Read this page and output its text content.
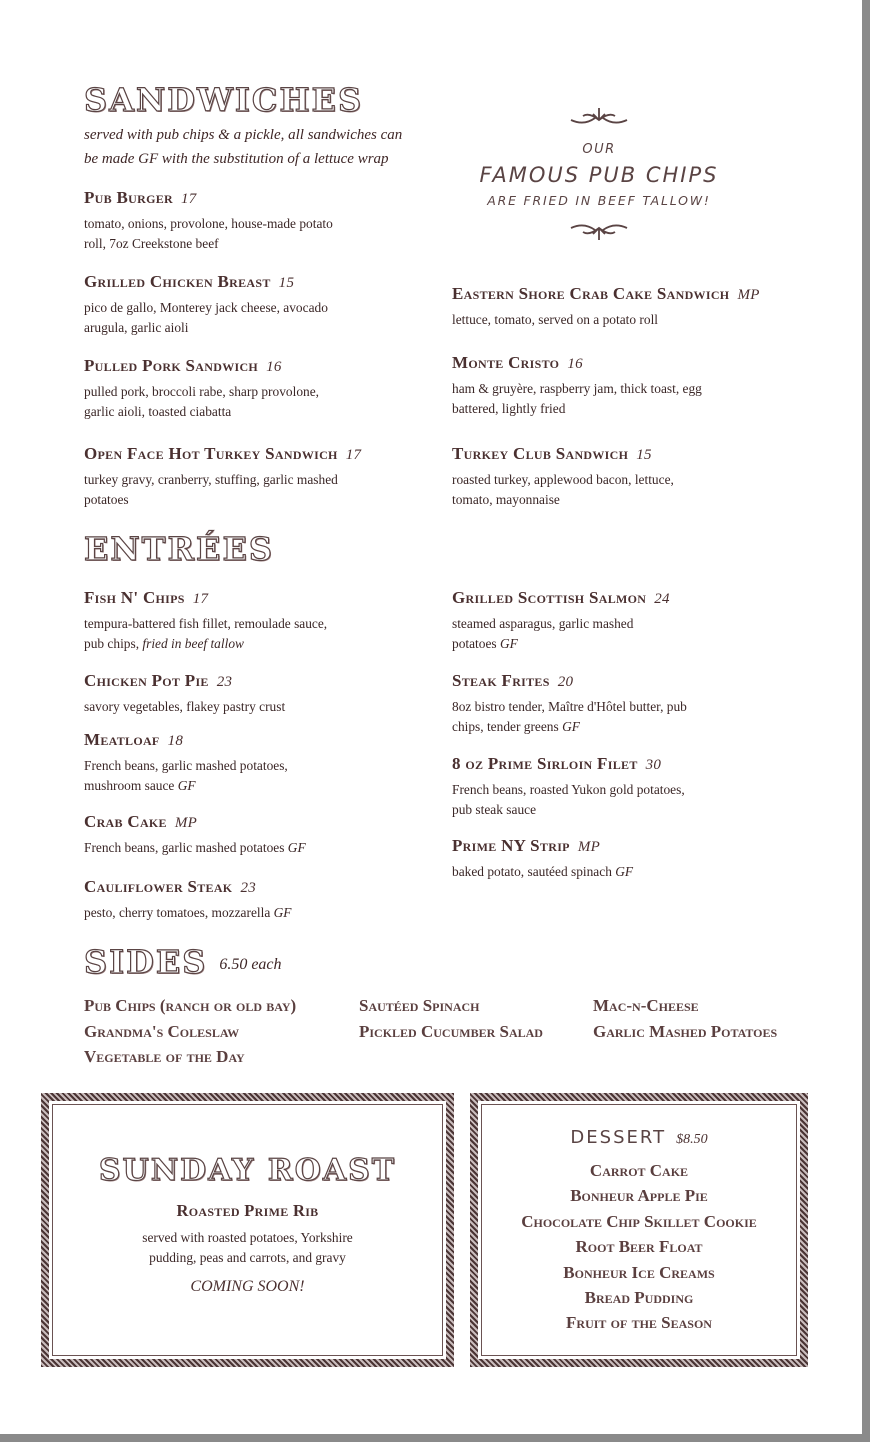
SANDWICHES
served with pub chips & a pickle, all sandwiches can
be made GF with the substitution of a lettuce wrap
Pub Burger 17
tomato, onions, provolone, house-made potato
roll, 7oz Creekstone beef
Grilled Chicken Breast 15
pico de gallo, Monterey jack cheese, avocado
arugula, garlic aioli
Pulled Pork Sandwich 16
pulled pork, broccoli rabe, sharp provolone,
garlic aioli, toasted ciabatta
Open Face Hot Turkey Sandwich 17
turkey gravy, cranberry, stuffing, garlic mashed
potatoes
OUR
FAMOUS PUB CHIPS
ARE FRIED IN BEEF TALLOW!
Eastern Shore Crab Cake Sandwich MP
lettuce, tomato, served on a potato roll
Monte Cristo 16
ham & gruyère, raspberry jam, thick toast, egg
battered, lightly fried
Turkey Club Sandwich 15
roasted turkey, applewood bacon, lettuce,
tomato, mayonnaise
ENTRÉES
Fish N' Chips 17
tempura-battered fish fillet, remoulade sauce,
pub chips, fried in beef tallow
Chicken Pot Pie 23
savory vegetables, flakey pastry crust
Meatloaf 18
French beans, garlic mashed potatoes,
mushroom sauce GF
Crab Cake MP
French beans, garlic mashed potatoes GF
Cauliflower Steak 23
pesto, cherry tomatoes, mozzarella GF
Grilled Scottish Salmon 24
steamed asparagus, garlic mashed
potatoes GF
Steak Frites 20
8oz bistro tender, Maître d'Hôtel butter, pub
chips, tender greens GF
8 oz Prime Sirloin Filet 30
French beans, roasted Yukon gold potatoes,
pub steak sauce
Prime NY Strip MP
baked potato, sautéed spinach GF
SIDES 6.50 each
Pub Chips (ranch or old bay)
Grandma's Coleslaw
Vegetable of the Day
Sautéed Spinach
Pickled Cucumber Salad
Mac-n-Cheese
Garlic Mashed Potatoes
SUNDAY ROAST
Roasted Prime Rib
served with roasted potatoes, Yorkshire
pudding, peas and carrots, and gravy
COMING SOON!
DESSERT $8.50
Carrot Cake
Bonheur Apple Pie
Chocolate Chip Skillet Cookie
Root Beer Float
Bonheur Ice Creams
Bread Pudding
Fruit of the Season
